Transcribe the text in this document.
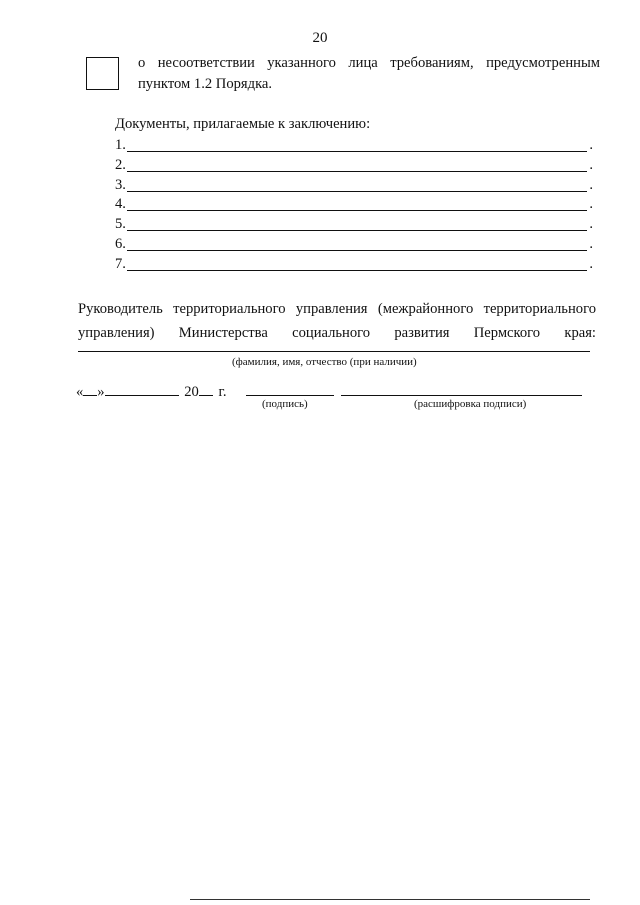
20
о несоответствии указанного лица требованиям, предусмотренным пунктом 1.2 Порядка.
Документы, прилагаемые к заключению:
1.	.
2.	.
3.	.
4.	.
5.	.
6.	.
7.	.
Руководитель территориального управления (межрайонного территориального
управления) Министерства социального развития Пермского края:
(фамилия, имя, отчество (при наличии)
« »	20 г.
(подпись)	(расшифровка подписи)
